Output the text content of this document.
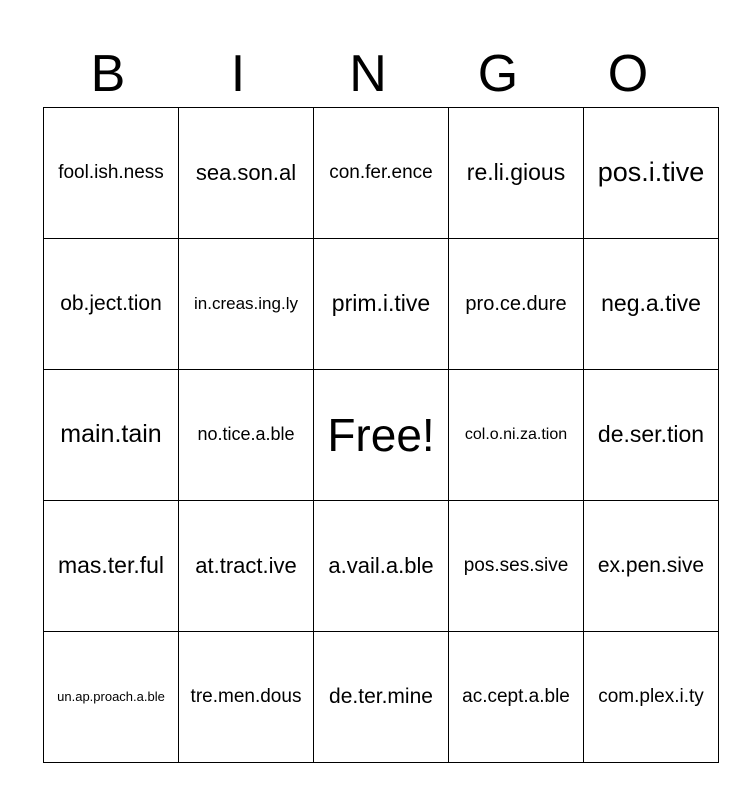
B	I	N	G	O
fool.ish.ness	sea.son.al	con.fer.ence	re.li.gious	pos.i.tive
ob.ject.tion	in.creas.ing.ly	prim.i.tive	pro.ce.dure	neg.a.tive
main.tain	no.tice.a.ble	Free!	col.o.ni.za.tion	de.ser.tion
mas.ter.ful	at.tract.ive	a.vail.a.ble	pos.ses.sive	ex.pen.sive
un.ap.proach.a.ble	tre.men.dous	de.ter.mine	ac.cept.a.ble	com.plex.i.ty
